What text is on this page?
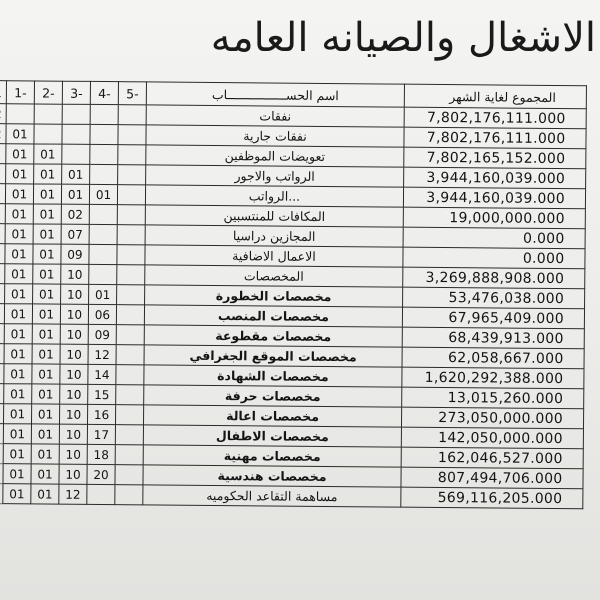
الاشغال والصيانه العامه
	1-	2-	3-	4-	5-	اسم الحســــــــــــــــاب	المجموع لغاية الشهر
						نفقات	7,802,176,111.000
	01					نفقات جارية	7,802,176,111.000
	01	01				تعويضات الموظفين	7,802,165,152.000
	01	01	01			الرواتب والاجور	3,944,160,039.000
	01	01	01	01		...الرواتب	3,944,160,039.000
	01	01	02			المكافات للمنتسبين	19,000,000.000
	01	01	07			المجازين دراسيا	0.000
	01	01	09			الاعمال الاضافية	0.000
	01	01	10			المخصصات	3,269,888,908.000
	01	01	10	01		مخصصات الخطورة	53,476,038.000
	01	01	10	06		مخصصات المنصب	67,965,409.000
	01	01	10	09		مخصصات مقطوعة	68,439,913.000
	01	01	10	12		مخصصات الموقع الجغرافي	62,058,667.000
	01	01	10	14		مخصصات الشهادة	1,620,292,388.000
	01	01	10	15		مخصصات حرفة	13,015,260.000
	01	01	10	16		مخصصات اعالة	273,050,000.000
	01	01	10	17		مخصصات الاطفال	142,050,000.000
	01	01	10	18		مخصصات مهنية	162,046,527.000
	01	01	10	20		مخصصات هندسية	807,494,706.000
	01	01	12			مساهمة التقاعد الحكوميه	569,116,205.000
